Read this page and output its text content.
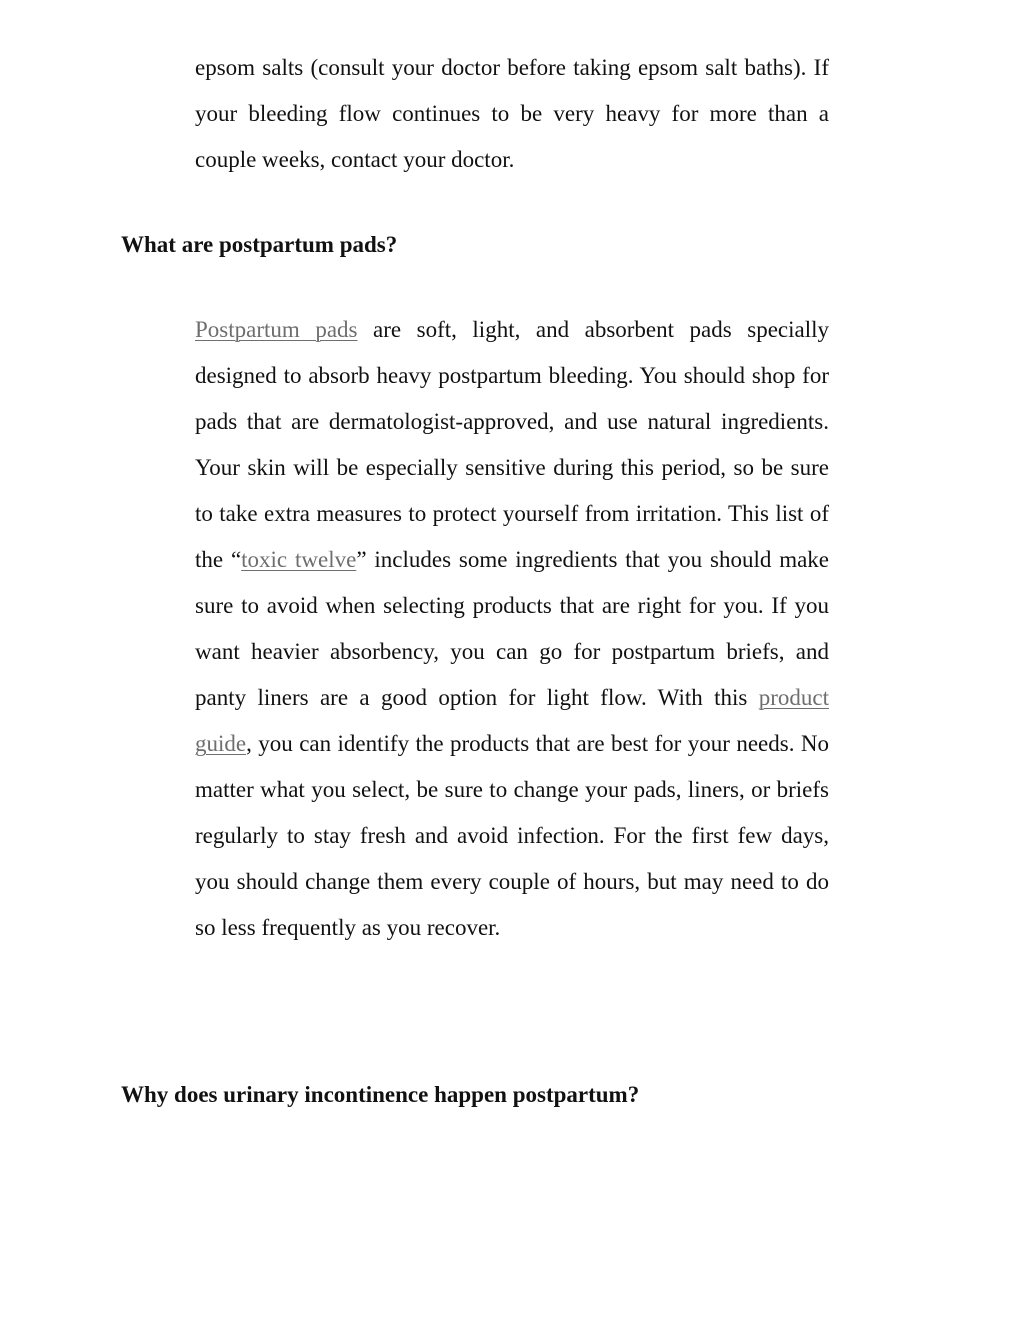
epsom salts (consult your doctor before taking epsom salt baths). If your bleeding flow continues to be very heavy for more than a couple weeks, contact your doctor.

What are postpartum pads?

Postpartum pads are soft, light, and absorbent pads specially designed to absorb heavy postpartum bleeding. You should shop for pads that are dermatologist-approved, and use natural ingredients. Your skin will be especially sensitive during this period, so be sure to take extra measures to protect yourself from irritation. This list of the “toxic twelve” includes some ingredients that you should make sure to avoid when selecting products that are right for you. If you want heavier absorbency, you can go for postpartum briefs, and panty liners are a good option for light flow. With this product guide, you can identify the products that are best for your needs. No matter what you select, be sure to change your pads, liners, or briefs regularly to stay fresh and avoid infection. For the first few days, you should change them every couple of hours, but may need to do so less frequently as you recover.

Why does urinary incontinence happen postpartum?
